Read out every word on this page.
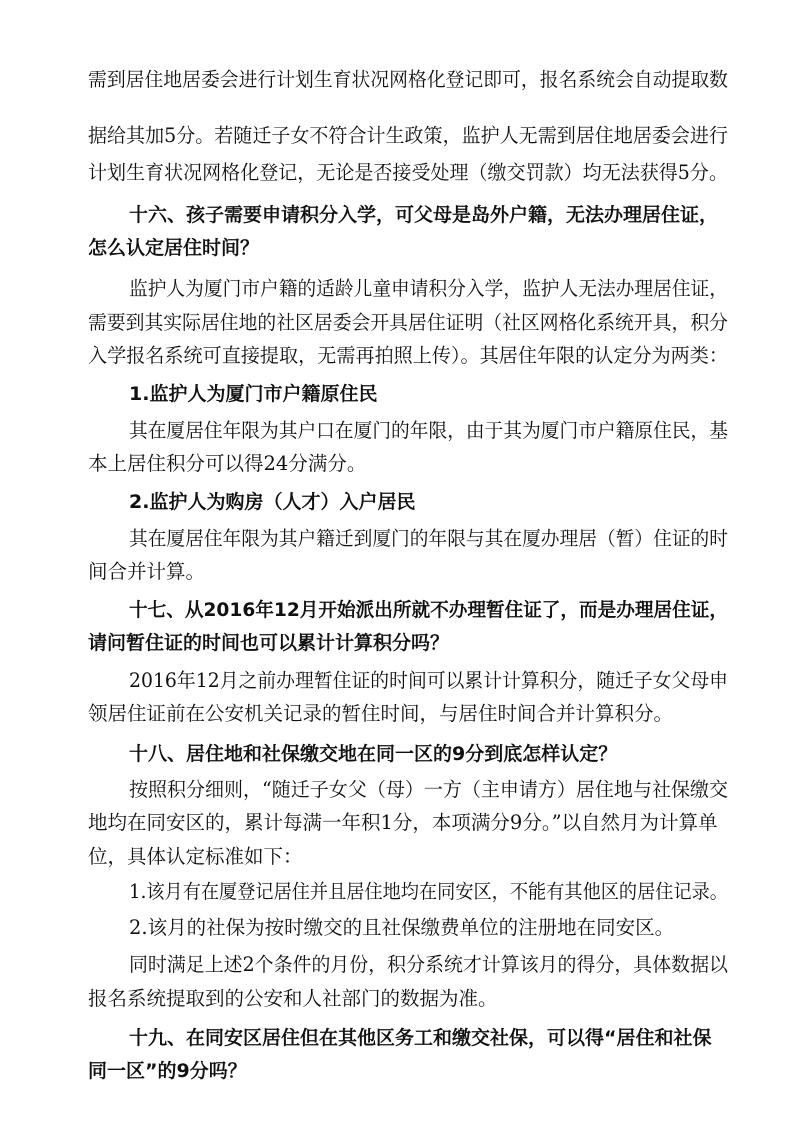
需到居住地居委会进行计划生育状况网格化登记即可，报名系统会自动提取数
据给其加5分。若随迁子女不符合计生政策，监护人无需到居住地居委会进行
计划生育状况网格化登记，无论是否接受处理（缴交罚款）均无法获得5分。
十六、孩子需要申请积分入学，可父母是岛外户籍，无法办理居住证，
怎么认定居住时间？
监护人为厦门市户籍的适龄儿童申请积分入学，监护人无法办理居住证，
需要到其实际居住地的社区居委会开具居住证明（社区网格化系统开具，积分
入学报名系统可直接提取，无需再拍照上传）。其居住年限的认定分为两类：
1.监护人为厦门市户籍原住民
其在厦居住年限为其户口在厦门的年限，由于其为厦门市户籍原住民，基
本上居住积分可以得24分满分。
2.监护人为购房（人才）入户居民
其在厦居住年限为其户籍迁到厦门的年限与其在厦办理居（暂）住证的时
间合并计算。
十七、从2016年12月开始派出所就不办理暂住证了，而是办理居住证，
请问暂住证的时间也可以累计计算积分吗？
2016年12月之前办理暂住证的时间可以累计计算积分，随迁子女父母申
领居住证前在公安机关记录的暂住时间，与居住时间合并计算积分。
十八、居住地和社保缴交地在同一区的9分到底怎样认定？
按照积分细则，“随迁子女父（母）一方（主申请方）居住地与社保缴交
地均在同安区的，累计每满一年积1分，本项满分9分。”以自然月为计算单
位，具体认定标准如下：
1.该月有在厦登记居住并且居住地均在同安区，不能有其他区的居住记录。
2.该月的社保为按时缴交的且社保缴费单位的注册地在同安区。
同时满足上述2个条件的月份，积分系统才计算该月的得分，具体数据以
报名系统提取到的公安和人社部门的数据为准。
十九、在同安区居住但在其他区务工和缴交社保，可以得“居住和社保
同一区”的9分吗？
